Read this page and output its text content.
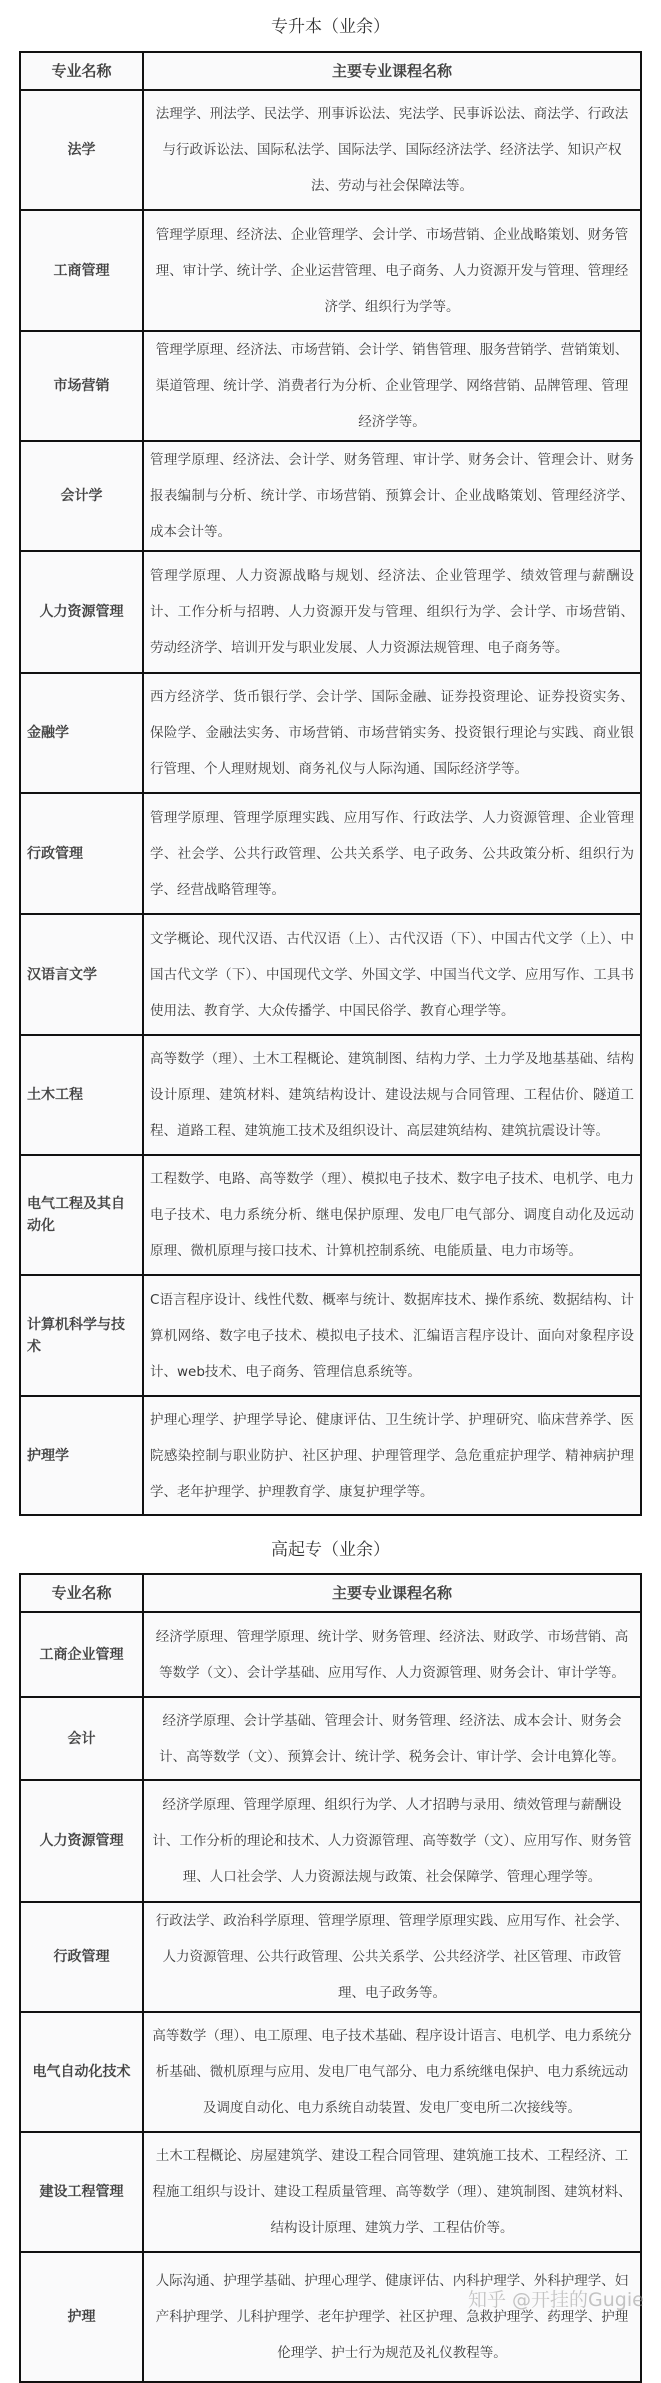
专升本（业余）
专业名称	主要专业课程名称
法学	法理学、刑法学、民法学、刑事诉讼法、宪法学、民事诉讼法、商法学、行政法与行政诉讼法、国际私法学、国际法学、国际经济法学、经济法学、知识产权法、劳动与社会保障法等。
工商管理	管理学原理、经济法、企业管理学、会计学、市场营销、企业战略策划、财务管理、审计学、统计学、企业运营管理、电子商务、人力资源开发与管理、管理经济学、组织行为学等。
市场营销	管理学原理、经济法、市场营销、会计学、销售管理、服务营销学、营销策划、渠道管理、统计学、消费者行为分析、企业管理学、网络营销、品牌管理、管理经济学等。
会计学	管理学原理、经济法、会计学、财务管理、审计学、财务会计、管理会计、财务报表编制与分析、统计学、市场营销、预算会计、企业战略策划、管理经济学、成本会计等。
人力资源管理	管理学原理、人力资源战略与规划、经济法、企业管理学、绩效管理与薪酬设计、工作分析与招聘、人力资源开发与管理、组织行为学、会计学、市场营销、劳动经济学、培训开发与职业发展、人力资源法规管理、电子商务等。
金融学	西方经济学、货币银行学、会计学、国际金融、证券投资理论、证券投资实务、保险学、金融法实务、市场营销、市场营销实务、投资银行理论与实践、商业银行管理、个人理财规划、商务礼仪与人际沟通、国际经济学等。
行政管理	管理学原理、管理学原理实践、应用写作、行政法学、人力资源管理、企业管理学、社会学、公共行政管理、公共关系学、电子政务、公共政策分析、组织行为学、经营战略管理等。
汉语言文学	文学概论、现代汉语、古代汉语（上）、古代汉语（下）、中国古代文学（上）、中国古代文学（下）、中国现代文学、外国文学、中国当代文学、应用写作、工具书使用法、教育学、大众传播学、中国民俗学、教育心理学等。
土木工程	高等数学（理）、土木工程概论、建筑制图、结构力学、土力学及地基基础、结构设计原理、建筑材料、建筑结构设计、建设法规与合同管理、工程估价、隧道工程、道路工程、建筑施工技术及组织设计、高层建筑结构、建筑抗震设计等。
电气工程及其自动化	工程数学、电路、高等数学（理）、模拟电子技术、数字电子技术、电机学、电力电子技术、电力系统分析、继电保护原理、发电厂电气部分、调度自动化及远动原理、微机原理与接口技术、计算机控制系统、电能质量、电力市场等。
计算机科学与技术	C语言程序设计、线性代数、概率与统计、数据库技术、操作系统、数据结构、计算机网络、数字电子技术、模拟电子技术、汇编语言程序设计、面向对象程序设计、web技术、电子商务、管理信息系统等。
护理学	护理心理学、护理学导论、健康评估、卫生统计学、护理研究、临床营养学、医院感染控制与职业防护、社区护理、护理管理学、急危重症护理学、精神病护理学、老年护理学、护理教育学、康复护理学等。
高起专（业余）
专业名称	主要专业课程名称
工商企业管理	经济学原理、管理学原理、统计学、财务管理、经济法、财政学、市场营销、高等数学（文）、会计学基础、应用写作、人力资源管理、财务会计、审计学等。
会计	经济学原理、会计学基础、管理会计、财务管理、经济法、成本会计、财务会计、高等数学（文）、预算会计、统计学、税务会计、审计学、会计电算化等。
人力资源管理	经济学原理、管理学原理、组织行为学、人才招聘与录用、绩效管理与薪酬设计、工作分析的理论和技术、人力资源管理、高等数学（文）、应用写作、财务管理、人口社会学、人力资源法规与政策、社会保障学、管理心理学等。
行政管理	行政法学、政治科学原理、管理学原理、管理学原理实践、应用写作、社会学、人力资源管理、公共行政管理、公共关系学、公共经济学、社区管理、市政管理、电子政务等。
电气自动化技术	高等数学（理）、电工原理、电子技术基础、程序设计语言、电机学、电力系统分析基础、微机原理与应用、发电厂电气部分、电力系统继电保护、电力系统远动及调度自动化、电力系统自动装置、发电厂变电所二次接线等。
建设工程管理	土木工程概论、房屋建筑学、建设工程合同管理、建筑施工技术、工程经济、工程施工组织与设计、建设工程质量管理、高等数学（理）、建筑制图、建筑材料、结构设计原理、建筑力学、工程估价等。
护理	人际沟通、护理学基础、护理心理学、健康评估、内科护理学、外科护理学、妇产科护理学、儿科护理学、老年护理学、社区护理、急救护理学、药理学、护理伦理学、护士行为规范及礼仪教程等。
知乎 @开挂的Gugie
